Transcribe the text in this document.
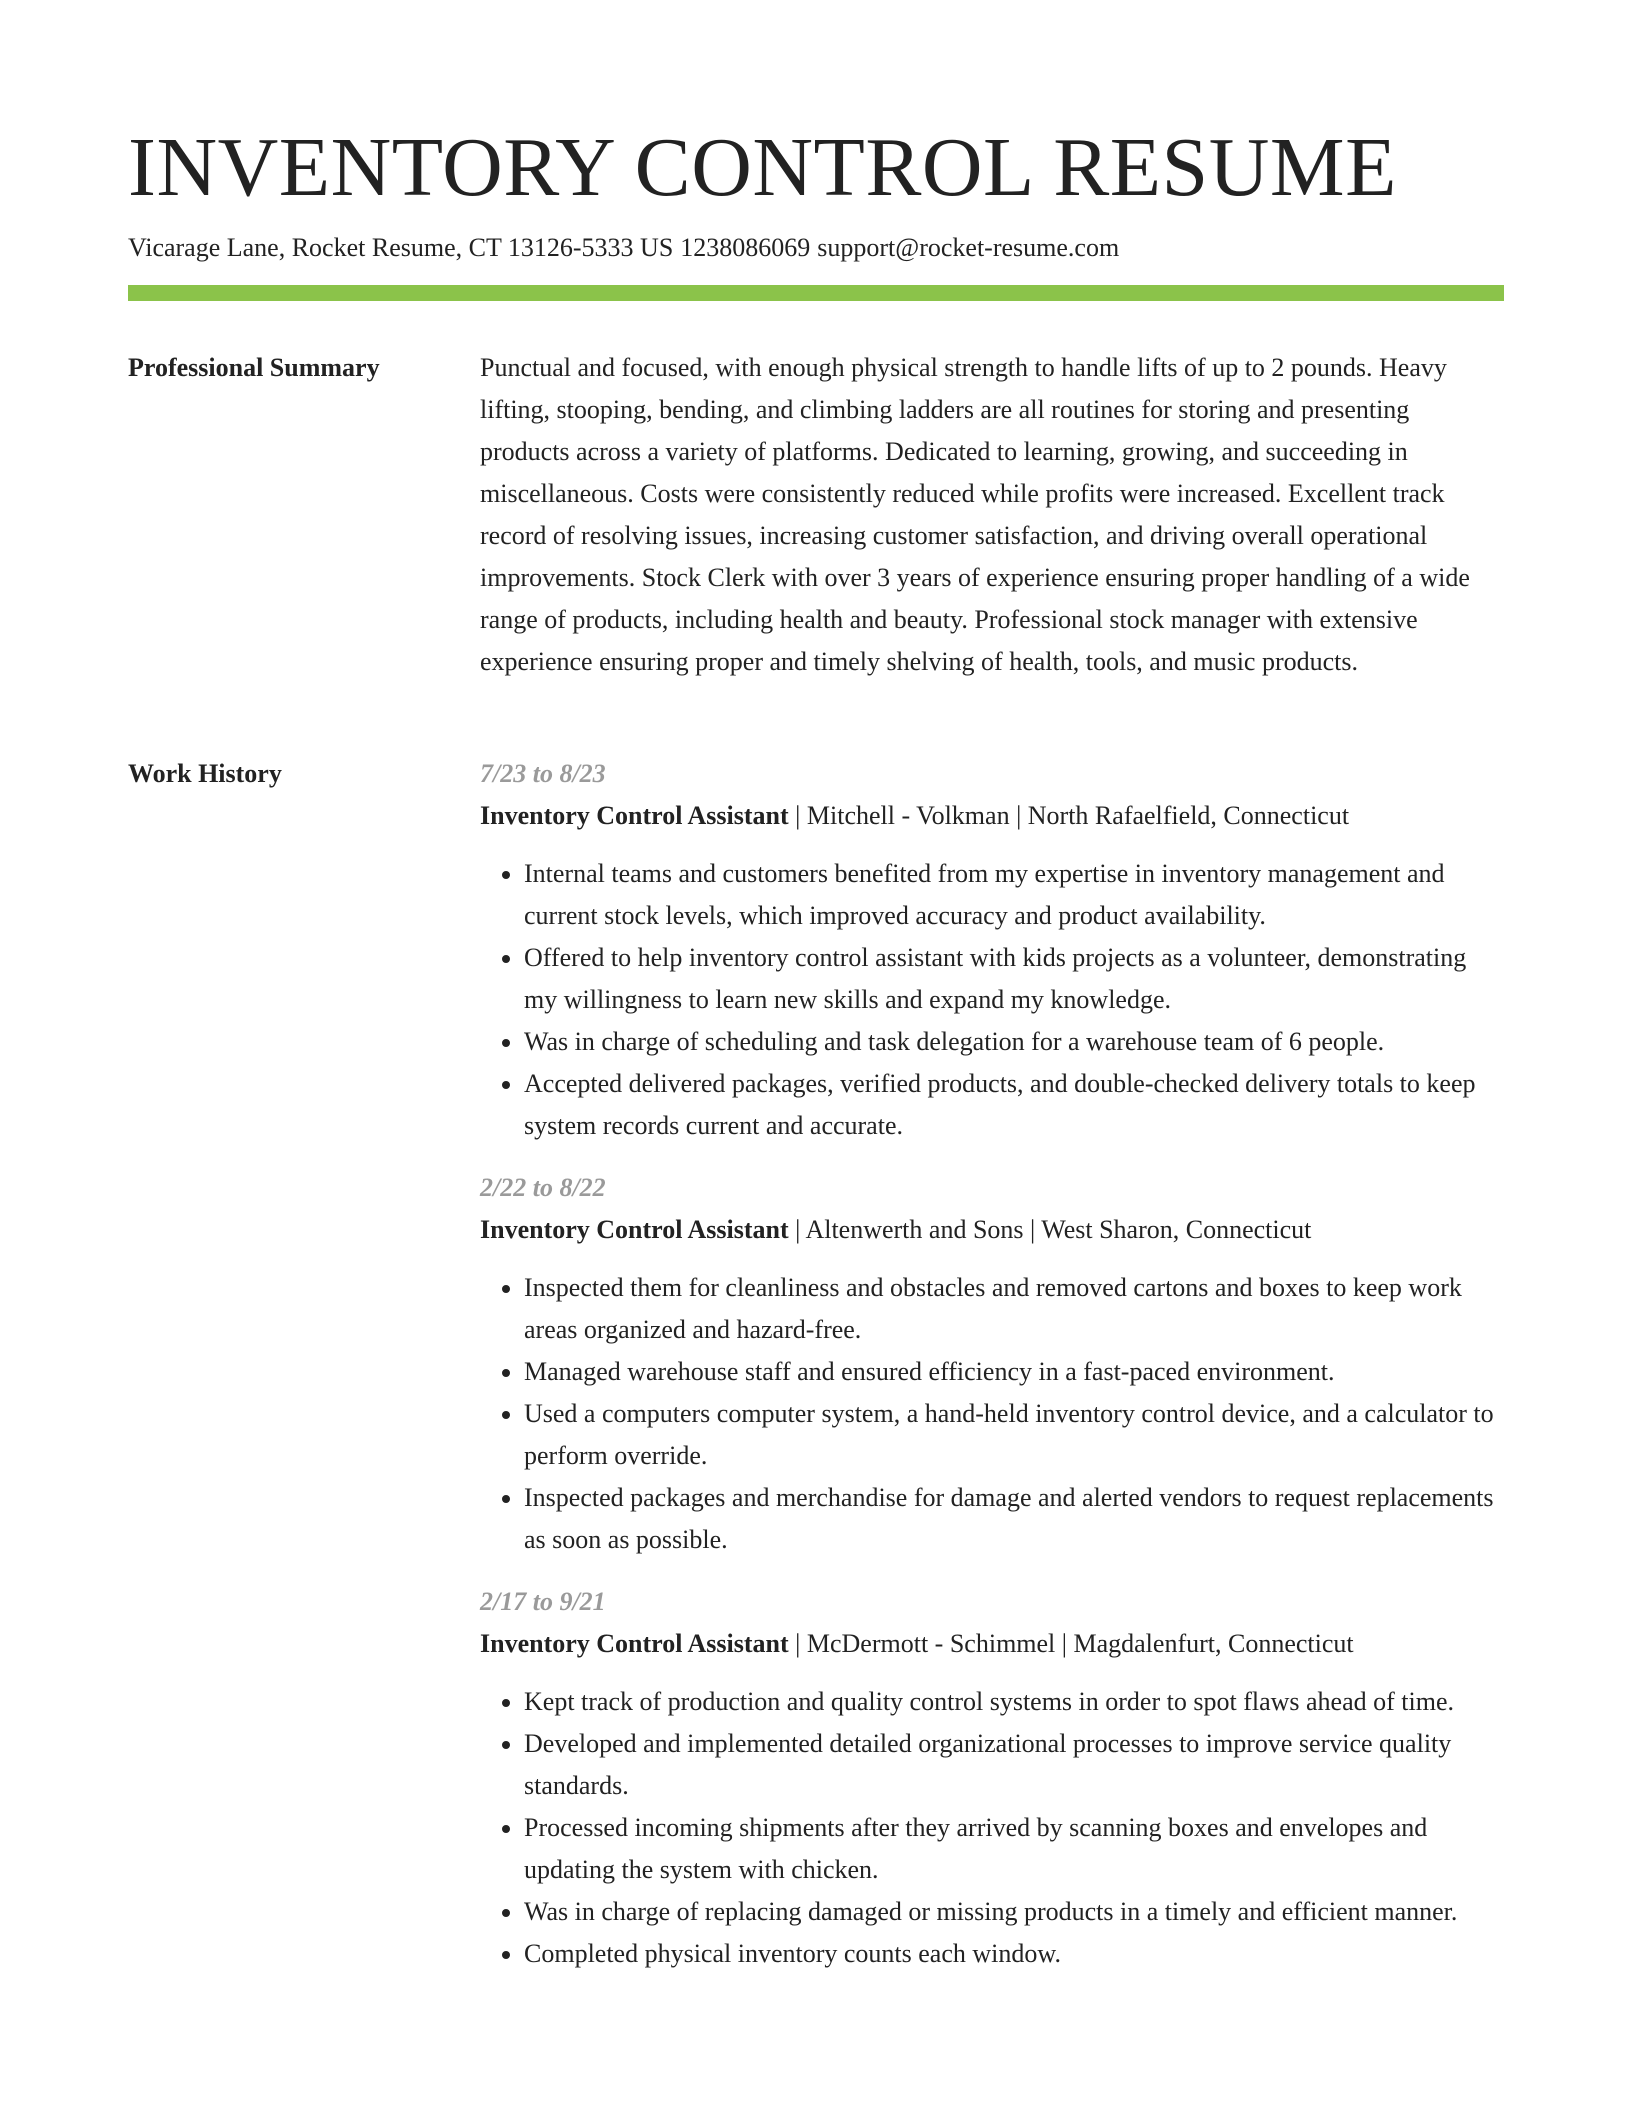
INVENTORY CONTROL RESUME
Vicarage Lane, Rocket Resume, CT 13126-5333 US 1238086069 support@rocket-resume.com
Professional Summary	Punctual and focused, with enough physical strength to handle lifts of up to 2 pounds. Heavy lifting, stooping, bending, and climbing ladders are all routines for storing and presenting products across a variety of platforms. Dedicated to learning, growing, and succeeding in miscellaneous. Costs were consistently reduced while profits were increased. Excellent track record of resolving issues, increasing customer satisfaction, and driving overall operational improvements. Stock Clerk with over 3 years of experience ensuring proper handling of a wide range of products, including health and beauty. Professional stock manager with extensive experience ensuring proper and timely shelving of health, tools, and music products.

Work History	7/23 to 8/23
Inventory Control Assistant | Mitchell - Volkman | North Rafaelfield, Connecticut
• Internal teams and customers benefited from my expertise in inventory management and current stock levels, which improved accuracy and product availability.
• Offered to help inventory control assistant with kids projects as a volunteer, demonstrating my willingness to learn new skills and expand my knowledge.
• Was in charge of scheduling and task delegation for a warehouse team of 6 people.
• Accepted delivered packages, verified products, and double-checked delivery totals to keep system records current and accurate.
2/22 to 8/22
Inventory Control Assistant | Altenwerth and Sons | West Sharon, Connecticut
• Inspected them for cleanliness and obstacles and removed cartons and boxes to keep work areas organized and hazard-free.
• Managed warehouse staff and ensured efficiency in a fast-paced environment.
• Used a computers computer system, a hand-held inventory control device, and a calculator to perform override.
• Inspected packages and merchandise for damage and alerted vendors to request replacements as soon as possible.
2/17 to 9/21
Inventory Control Assistant | McDermott - Schimmel | Magdalenfurt, Connecticut
• Kept track of production and quality control systems in order to spot flaws ahead of time.
• Developed and implemented detailed organizational processes to improve service quality standards.
• Processed incoming shipments after they arrived by scanning boxes and envelopes and updating the system with chicken.
• Was in charge of replacing damaged or missing products in a timely and efficient manner.
• Completed physical inventory counts each window.
